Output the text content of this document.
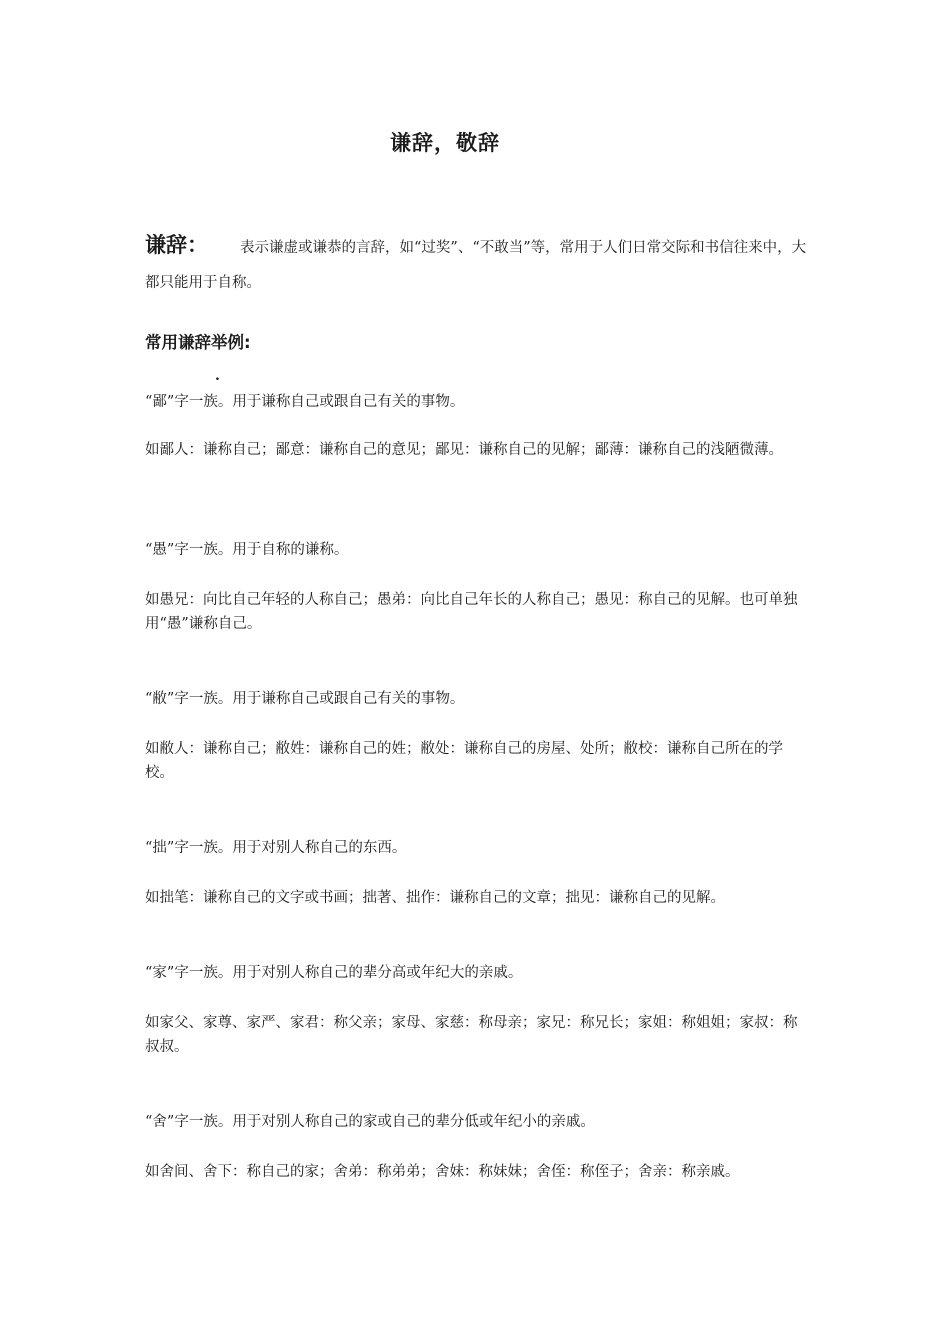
谦辞，敬辞
谦辞： 表示谦虚或谦恭的言辞，如“过奖”、“不敢当”等，常用于人们日常交际和书信往来中，大都只能用于自称。
常用谦辞举例:
.

“鄙”字一族。用于谦称自己或跟自己有关的事物。

如鄙人：谦称自己；鄙意：谦称自己的意见；鄙见：谦称自己的见解；鄙薄：谦称自己的浅陋微薄。

“愚”字一族。用于自称的谦称。

如愚兄：向比自己年轻的人称自己；愚弟：向比自己年长的人称自己；愚见：称自己的见解。也可单独用“愚”谦称自己。

“敝”字一族。用于谦称自己或跟自己有关的事物。

如敝人：谦称自己；敝姓：谦称自己的姓；敝处：谦称自己的房屋、处所；敝校：谦称自己所在的学校。

“拙”字一族。用于对别人称自己的东西。

如拙笔：谦称自己的文字或书画；拙著、拙作：谦称自己的文章；拙见：谦称自己的见解。

“家”字一族。用于对别人称自己的辈分高或年纪大的亲戚。

如家父、家尊、家严、家君：称父亲；家母、家慈：称母亲；家兄：称兄长；家姐：称姐姐；家叔：称叔叔。

“舍”字一族。用于对别人称自己的家或自己的辈分低或年纪小的亲戚。

如舍间、舍下：称自己的家；舍弟：称弟弟；舍妹：称妹妹；舍侄：称侄子；舍亲：称亲戚。
